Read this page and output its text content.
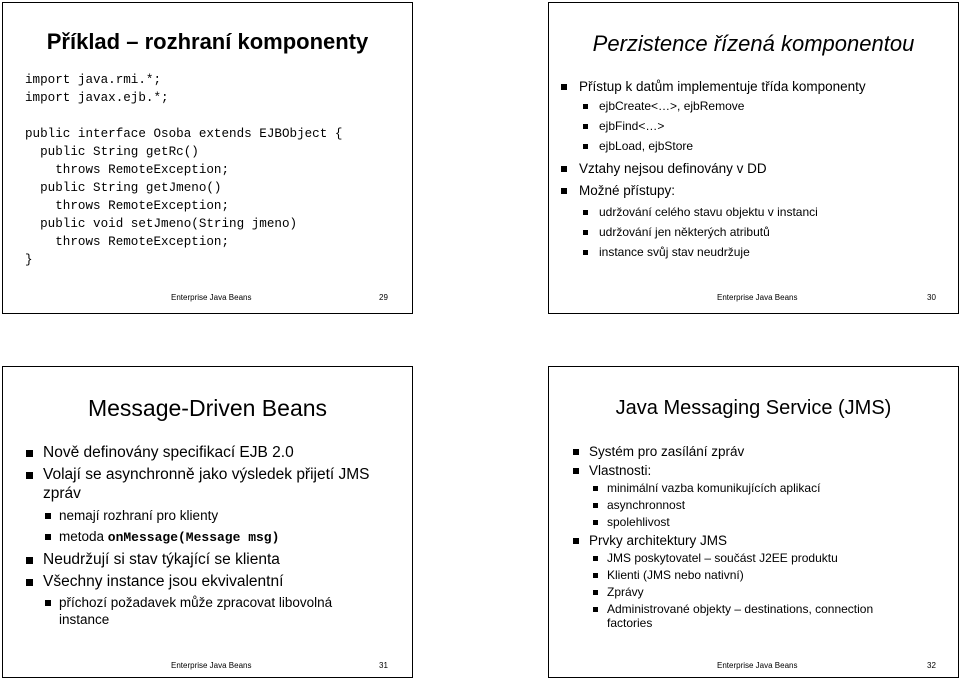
Příklad – rozhraní komponenty
import java.rmi.*;
import javax.ejb.*;

public interface Osoba extends EJBObject {
public String getRc()
throws RemoteException;
public String getJmeno()
throws RemoteException;
public void setJmeno(String jmeno)
throws RemoteException;
}
Enterprise Java Beans	29
Perzistence řízená komponentou
Přístup k datům implementuje třída komponenty
ejbCreate<…>, ejbRemove
ejbFind<…>
ejbLoad, ejbStore
Vztahy nejsou definovány v DD
Možné přístupy:
udržování celého stavu objektu v instanci
udržování jen některých atributů
instance svůj stav neudržuje
Enterprise Java Beans	30
Message-Driven Beans
Nově definovány specifikací EJB 2.0
Volají se asynchronně jako výsledek přijetí JMS zpráv
nemají rozhraní pro klienty
metoda onMessage(Message msg)
Neudržují si stav týkající se klienta
Všechny instance jsou ekvivalentní
příchozí požadavek může zpracovat libovolná instance
Enterprise Java Beans	31
Java Messaging Service (JMS)
Systém pro zasílání zpráv
Vlastnosti:
minimální vazba komunikujících aplikací
asynchronnost
spolehlivost
Prvky architektury JMS
JMS poskytovatel – součást J2EE produktu
Klienti (JMS nebo nativní)
Zprávy
Administrované objekty – destinations, connection factories
Enterprise Java Beans	32
